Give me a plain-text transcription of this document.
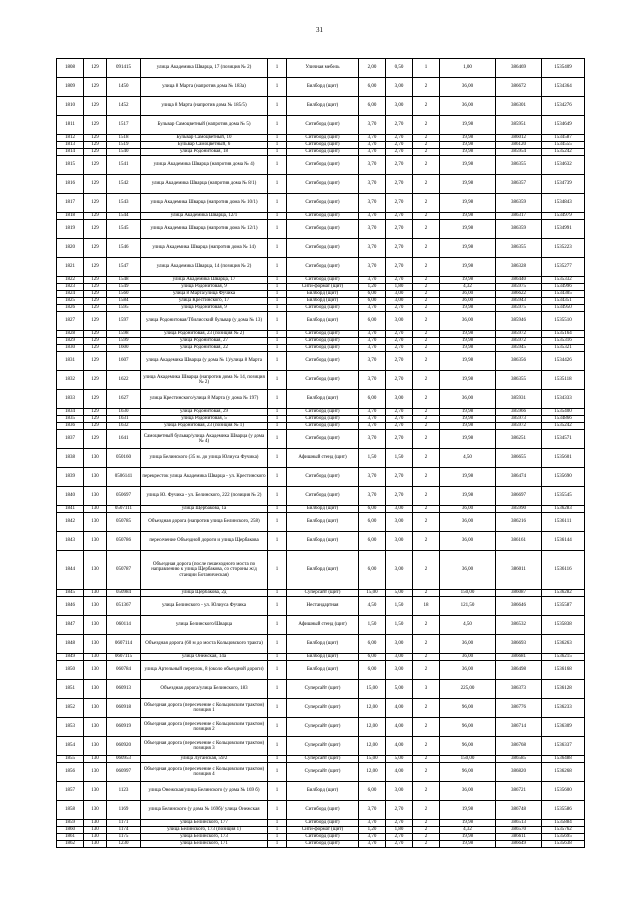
31
1808	129	091415	улица Академика Шварца, 17 (позиция № 2)	1	Уличная мебель	2,00	0,50	1	1,00	386469	1535409
1809	129	1450	улица 8 Марта (напротив дома № 183а)	1	Билборд (щит)	6,00	3,00	2	36,00	386672	1534364
1810	129	1452	улица 8 Марта (напротив дома № 185/5)	1	Билборд (щит)	6,00	3,00	2	36,00	386301	1534276
1811	129	1517	Бульвар Самоцветный (напротив дома № 5)	1	Ситиборд (щит)	3,70	2,70	2	19,98	385951	1534649
1812	129	1518	Бульвар Самоцветный, 10	1	Ситиборд (щит)	3,70	2,70	2	19,98	386012	1534587
1813	129	1519	Бульвар Самоцветный, 6	1	Ситиборд (щит)	3,70	2,70	2	19,98	386120	1534555
1814	129	1540	улица Родонитовая, 18	1	Ситиборд (щит)	3,70	2,70	2	19,98	385954	1535242
1815	129	1541	улица Академика Шварца (напротив дома № 4)	1	Ситиборд (щит)	3,70	2,70	2	19,98	386355	1534632
1816	129	1542	улица Академика Шварца (напротив дома № 8/1)	1	Ситиборд (щит)	3,70	2,70	2	19,98	386357	1534739
1817	129	1543	улица Академика Шварца (напротив дома № 10/1)	1	Ситиборд (щит)	3,70	2,70	2	19,98	386359	1534843
1818	129	1544	улица Академика Шварца, 12/1	1	Ситиборд (щит)	3,70	2,70	2	19,98	386317	1534979
1819	129	1545	улица Академика Шварца (напротив дома № 12/1)	1	Ситиборд (щит)	3,70	2,70	2	19,98	386359	1534991
1820	129	1546	улица Академика Шварца (напротив дома № 14)	1	Ситиборд (щит)	3,70	2,70	2	19,98	386355	1535223
1821	129	1547	улица Академика Шварца, 14 (позиция № 2)	1	Ситиборд (щит)	3,70	2,70	2	19,98	386328	1535277
1822	129	1548	улица Академика Шварца, 17	1	Ситиборд (щит)	3,70	2,70	2	19,98	386440	1535332
1823	129	1549	улица Родонитовая, 9	1	Сити-формат (щит)	1,20	1,80	2	4,32	385975	1534996
1824	129	1560	улица 8 Марта/улица Фучика	1	Билборд (щит)	6,00	3,00	2	36,00	386622	1534305
1825	129	1584	улица Крестинского, 17	1	Билборд (щит)	6,00	3,00	2	36,00	385943	1534351
1826	129	1595	улица Родонитовая, 9	1	Ситиборд (щит)	3,70	2,70	2	19,98	385975	1534950
1827	129	1597	улица Родонитовая/Тбилисский бульвар (у дома № 13)	1	Билборд (щит)	6,00	3,00	2	36,00	385946	1535510
1828	129	1598	улица Родонитовая, 23 (позиция № 2)	1	Ситиборд (щит)	3,70	2,70	2	19,98	385972	1535164
1829	129	1599	улица Родонитовая, 27	1	Ситиборд (щит)	3,70	2,70	2	19,98	385972	1535316
1830	129	1600	улица Родонитовая, 22	1	Ситиборд (щит)	3,70	2,70	2	19,98	385945	1535321
1831	129	1607	улица Академика Шварца (у дома № 1)/улица 8 Марта	1	Ситиборд (щит)	3,70	2,70	2	19,98	386356	1534426
1832	129	1622	улица Академика Шварца (напротив дома № 14, позиция № 2)	1	Ситиборд (щит)	3,70	2,70	2	19,98	386355	1535118
1833	129	1627	улица Крестинского/улица 8 Марта (у дома № 197)	1	Билборд (щит)	6,00	3,00	2	36,00	385931	1534333
1834	129	1630	улица Родонитовая, 29	1	Ситиборд (щит)	3,70	2,70	2	19,98	385966	1535400
1835	129	1631	улица Родонитовая, 5	1	Ситиборд (щит)	3,70	2,70	2	19,98	385973	1534866
1836	129	1632	улица Родонитовая, 23 (позиция № 1)	1	Ситиборд (щит)	3,70	2,70	2	19,98	385972	1535242
1837	129	1641	Самоцветный бульвар/улица Академика Шварца (у дома № 4)	1	Ситиборд (щит)	3,70	2,70	2	19,98	386251	1534571
1838	130	050160	улица Белинского (35 м. до улица Юлиуса Фучика)	1	Афишный стенд (щит)	1,50	1,50	2	4,50	386655	1535601
1839	130	0506141	перекресток улица Академика Шварца - ул. Крестинского	1	Ситиборд (щит)	3,70	2,70	2	19,98	386474	1535690
1840	130	050697	улица Ю. Фучика - ул. Белинского, 222 (позиция № 2)	1	Ситиборд (щит)	3,70	2,70	2	19,98	386697	1535545
1841	130	0507111	улица Щербакова, 1а	1	Билборд (щит)	6,00	3,00	2	36,00	385990	1536283
1842	130	050785	Объездная дорога (напротив улица Белинского, 258)	1	Билборд (щит)	6,00	3,00	2	36,00	386216	1536111
1843	130	050786	пересечение Объездной дороги и улица Щербакова	1	Билборд (щит)	6,00	3,00	2	36,00	386161	1536144
1844	130	050787	Объездная дорога (после пешеходного моста по направлению к улица Щербакова, со стороны ж/д станции Ботаническая)	1	Билборд (щит)	6,00	3,00	2	36,00	386011	1536116
1845	130	050984	улица Щербакова, 2д	1	Суперсайт (щит)	15,00	5,00	2	150,00	386087	1536282
1846	130	051367	улица Белинского - ул. Юлиуса Фучика	1	Нестандартная	4,50	1,50	18	121,50	386646	1535587
1847	130	060114	улица Белинского/Шварца	1	Афишный стенд (щит)	1,50	1,50	2	4,50	386532	1535838
1848	130	0607114	Объездная дорога (60 м до моста Кольцовского тракта)	1	Билборд (щит)	6,00	3,00	2	36,00	386693	1536263
1849	130	0607115	улица Онежская, 14а	1	Билборд (щит)	6,00	3,00	2	36,00	386681	1536215
1850	130	060784	улица Артельный переулок, 8 (около объездной дороги)	1	Билборд (щит)	6,00	3,00	2	36,00	386498	1536168
1851	130	060913	Объездная дорога/улица Белинского, 183	1	Суперсайт (щит)	15,00	5,00	3	225,00	386373	1536128
1852	130	060918	Объездная дорога (пересечение с Кольцовским трактом) позиция 1	1	Суперсайт (щит)	12,00	4,00	2	96,00	386776	1536233
1853	130	060919	Объездная дорога (пересечение с Кольцовским трактом) позиция 2	1	Суперсайт (щит)	12,00	4,00	2	96,00	386714	1536309
1854	130	060920	Объездная дорога (пересечение с Кольцовским трактом) позиция 3	1	Суперсайт (щит)	12,00	4,00	2	96,00	386768	1536337
1855	130	060953	улица Луганская, 59/2	1	Суперсайт (щит)	15,00	5,00	2	150,00	386585	1536488
1856	130	060997	Объездная дорога (пересечение с Кольцовским трактом) позиция 4	1	Суперсайт (щит)	12,00	4,00	2	96,00	386820	1536268
1857	130	1123	улица Онежская/улица Белинского (у дома № 169 б)	1	Билборд (щит)	6,00	3,00	2	36,00	386721	1535600
1858	130	1169	улица Белинского (у дома № 169б)/ улица Онежская	1	Ситиборд (щит)	3,70	2,70	2	19,98	386748	1535586
1859	130	1171	улица Белинского, 177	1	Ситиборд (щит)	3,70	2,70	2	19,98	386513	1535884
1860	130	1174	улица Белинского, 173 (позиция 1)	1	Сити-формат (щит)	1,20	1,80	2	4,32	386570	1535762
1861	130	1175	улица Белинского, 173	1	Ситиборд (щит)	3,70	2,70	2	19,98	386611	1535695
1862	130	1230	улица Белинского, 171	1	Ситиборд (щит)	3,70	2,70	2	19,98	386649	1535638
